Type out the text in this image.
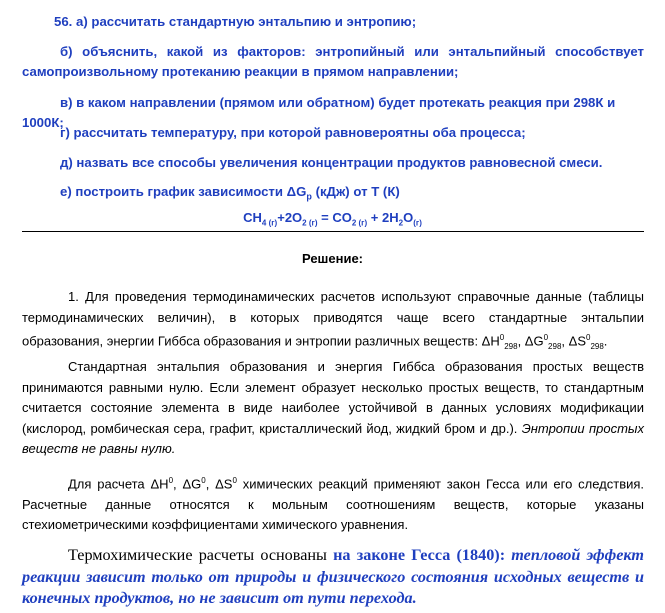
56. а) рассчитать стандартную энтальпию и энтропию;
б) объяснить, какой из факторов: энтропийный или энтальпийный способствует
самопроизвольному протеканию реакции в прямом направлении;
в) в каком направлении (прямом или обратном) будет протекать реакция при 298К и 1000К;
г) рассчитать температуру, при которой равновероятны оба процесса;
д) назвать все способы увеличения концентрации продуктов равновесной смеси.
е) построить график зависимости $\Delta G_р$ (кДж) от T (К)
$CH_{4 (г)}+2O_{2 (г)} = CO_{2 (г)} + 2H_2O_{(г)}$
Решение:
1. Для проведения термодинамических расчетов используют справочные данные (таблицы термодинамических величин), в которых приводятся чаще всего стандартные энтальпии образования, энергии Гиббса образования и энтропии различных веществ: $\Delta H^0_{298}$, $\Delta G^0_{298}$, $\Delta S^0_{298}$.
Стандартная энтальпия образования и энергия Гиббса образования простых веществ принимаются равными нулю. Если элемент образует несколько простых веществ, то стандартным считается состояние элемента в виде наиболее устойчивой в данных условиях модификации (кислород, ромбическая сера, графит, кристаллический йод, жидкий бром и др.). Энтропии простых веществ не равны нулю.
Для расчета $\Delta H^0$, $\Delta G^0$, $\Delta S^0$ химических реакций применяют закон Гесса или его следствия. Расчетные данные относятся к мольным соотношениям веществ, которые указаны стехиометрическими коэффициентами химического уравнения.
Термохимические расчеты основаны на законе Гесса (1840): тепловой эффект реакции зависит только от природы и физического состояния исходных веществ и конечных продуктов, но не зависит от пути перехода.
